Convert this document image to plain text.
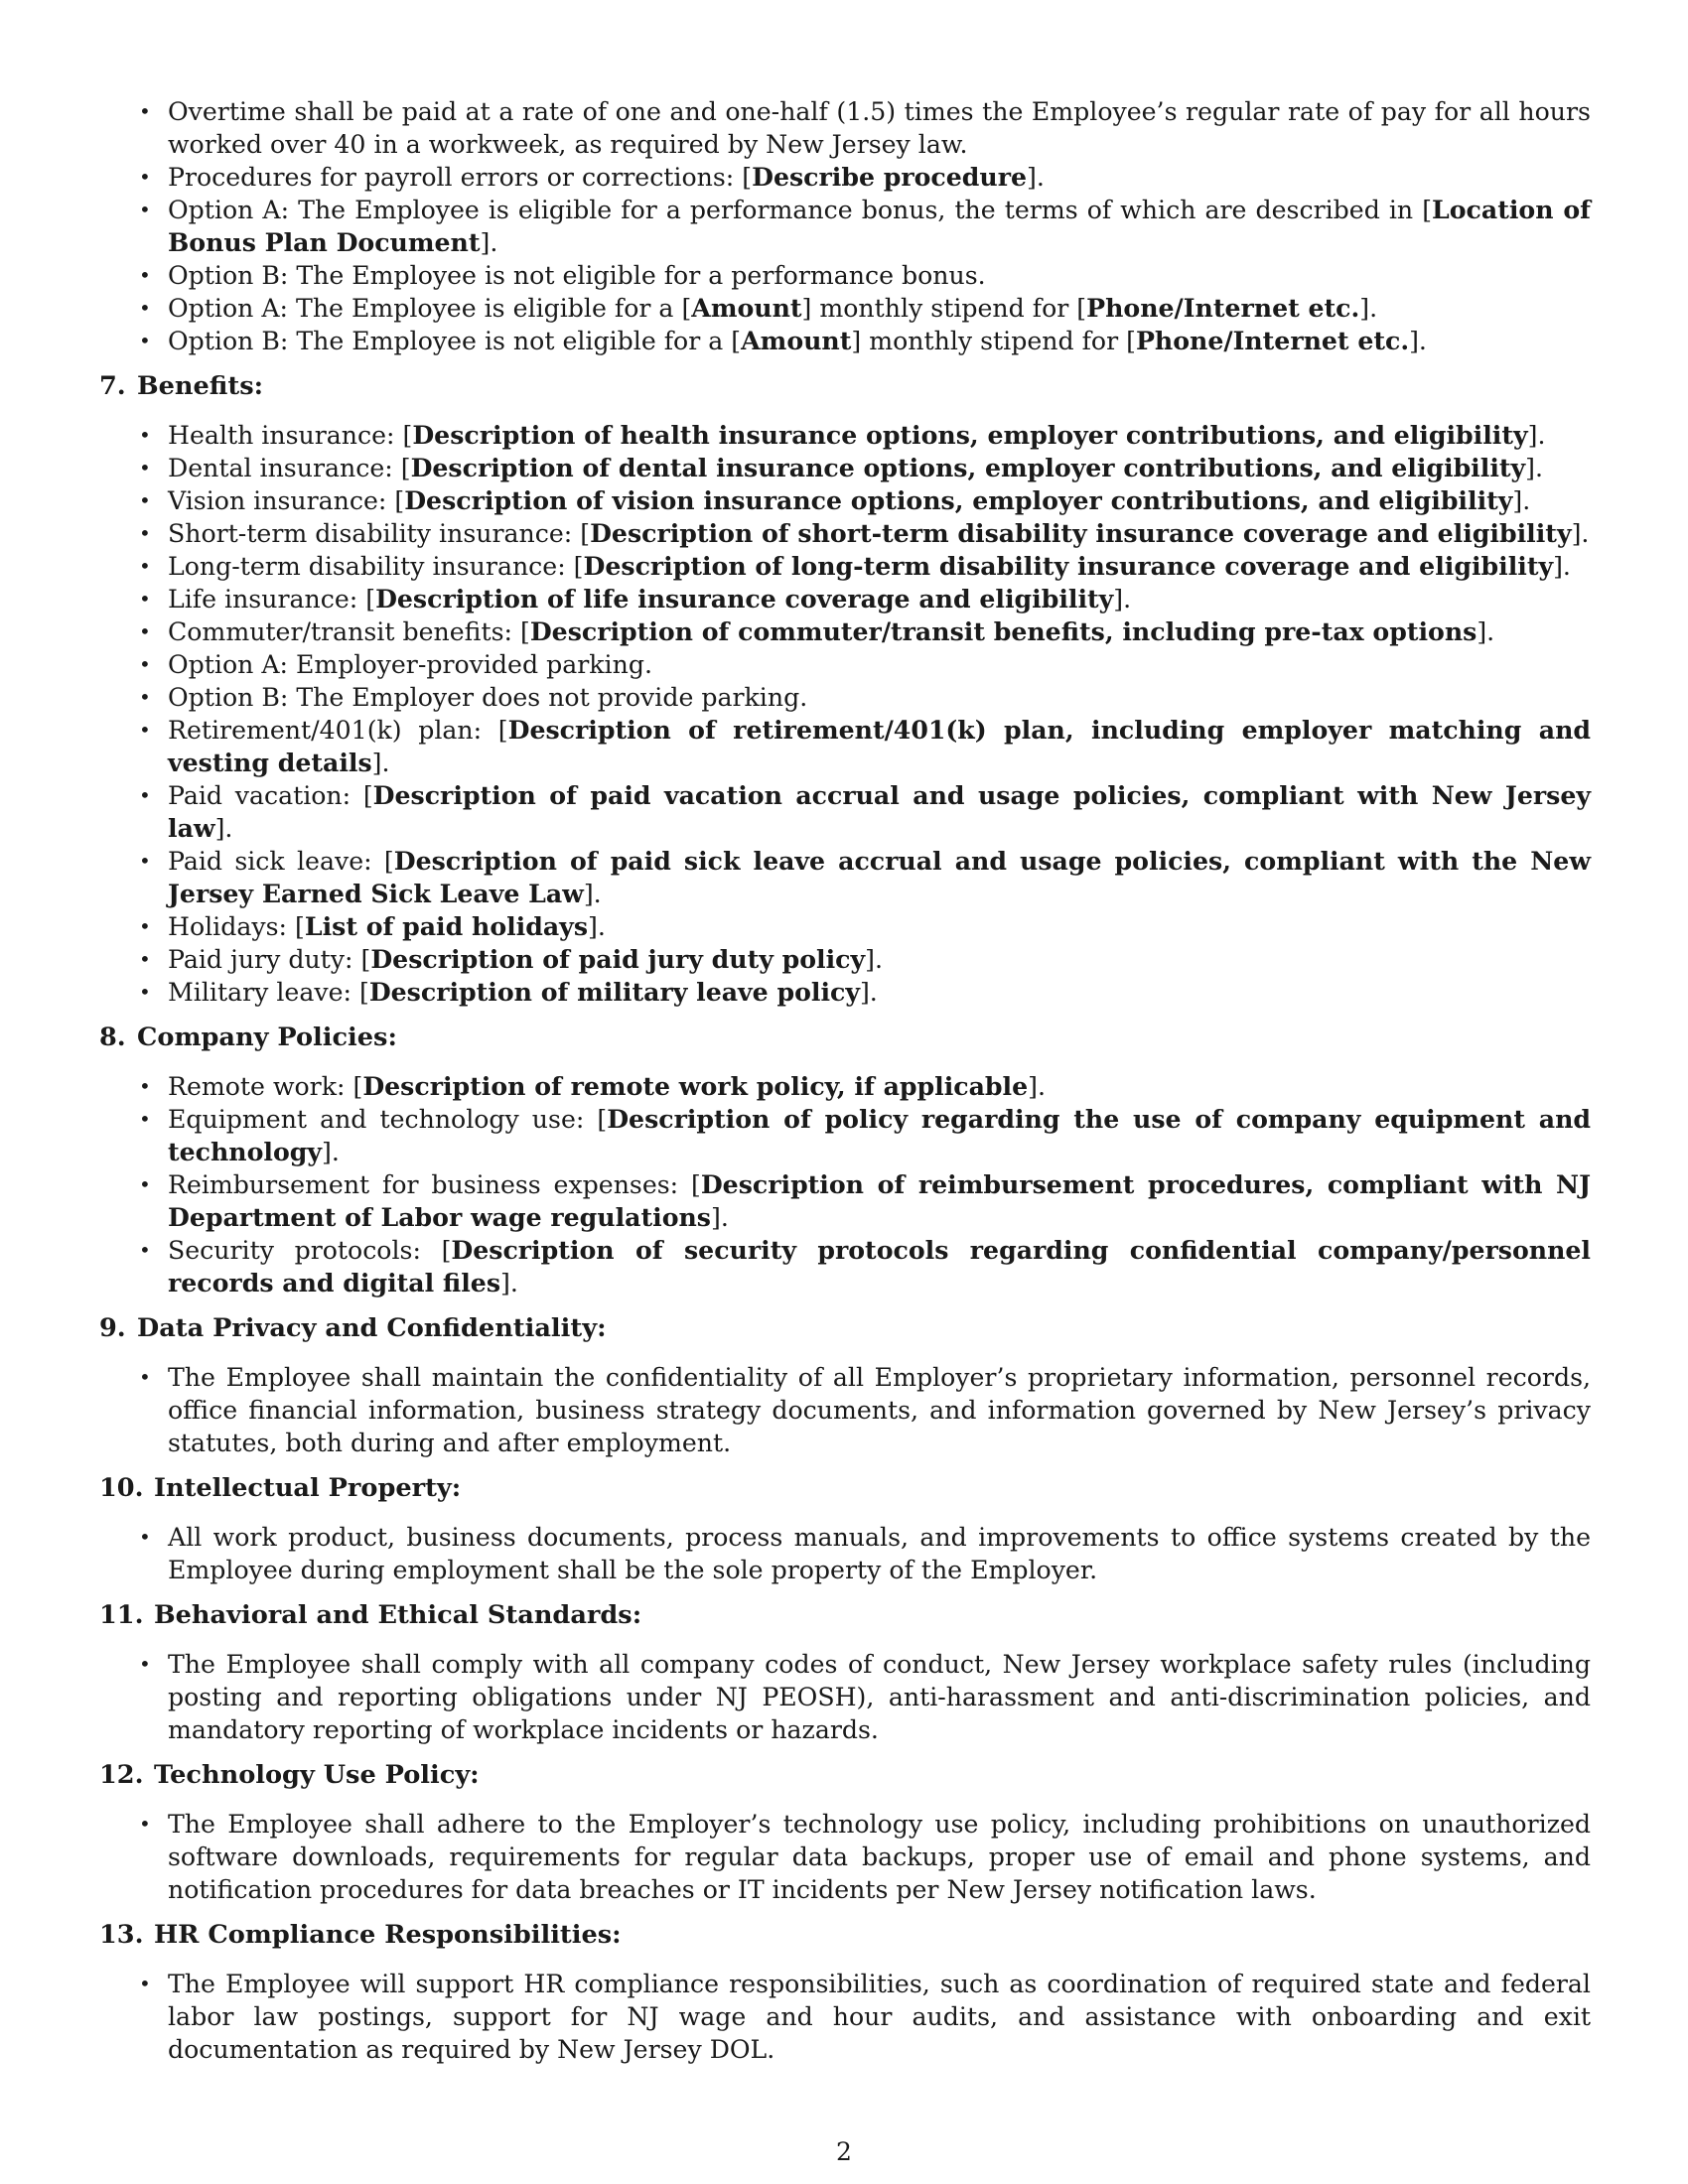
• Overtime shall be paid at a rate of one and one-half (1.5) times the Employee’s regular rate of pay for all hours worked over 40 in a workweek, as required by New Jersey law.
• Procedures for payroll errors or corrections: [Describe procedure].
• Option A: The Employee is eligible for a performance bonus, the terms of which are described in [Location of Bonus Plan Document].
• Option B: The Employee is not eligible for a performance bonus.
• Option A: The Employee is eligible for a [Amount] monthly stipend for [Phone/Internet etc.].
• Option B: The Employee is not eligible for a [Amount] monthly stipend for [Phone/Internet etc.].
7. Benefits:
• Health insurance: [Description of health insurance options, employer contributions, and eligibility].
• Dental insurance: [Description of dental insurance options, employer contributions, and eligibility].
• Vision insurance: [Description of vision insurance options, employer contributions, and eligibility].
• Short-term disability insurance: [Description of short-term disability insurance coverage and eligibility].
• Long-term disability insurance: [Description of long-term disability insurance coverage and eligibility].
• Life insurance: [Description of life insurance coverage and eligibility].
• Commuter/transit benefits: [Description of commuter/transit benefits, including pre-tax options].
• Option A: Employer-provided parking.
• Option B: The Employer does not provide parking.
• Retirement/401(k) plan: [Description of retirement/401(k) plan, including employer matching and vesting details].
• Paid vacation: [Description of paid vacation accrual and usage policies, compliant with New Jersey law].
• Paid sick leave: [Description of paid sick leave accrual and usage policies, compliant with the New Jersey Earned Sick Leave Law].
• Holidays: [List of paid holidays].
• Paid jury duty: [Description of paid jury duty policy].
• Military leave: [Description of military leave policy].
8. Company Policies:
• Remote work: [Description of remote work policy, if applicable].
• Equipment and technology use: [Description of policy regarding the use of company equipment and technology].
• Reimbursement for business expenses: [Description of reimbursement procedures, compliant with NJ Department of Labor wage regulations].
• Security protocols: [Description of security protocols regarding confidential company/personnel records and digital files].
9. Data Privacy and Confidentiality:
• The Employee shall maintain the confidentiality of all Employer’s proprietary information, personnel records, office financial information, business strategy documents, and information governed by New Jersey’s privacy statutes, both during and after employment.
10. Intellectual Property:
• All work product, business documents, process manuals, and improvements to office systems created by the Employee during employment shall be the sole property of the Employer.
11. Behavioral and Ethical Standards:
• The Employee shall comply with all company codes of conduct, New Jersey workplace safety rules (including posting and reporting obligations under NJ PEOSH), anti-harassment and anti-discrimination policies, and mandatory reporting of workplace incidents or hazards.
12. Technology Use Policy:
• The Employee shall adhere to the Employer’s technology use policy, including prohibitions on unauthorized software downloads, requirements for regular data backups, proper use of email and phone systems, and notification procedures for data breaches or IT incidents per New Jersey notification laws.
13. HR Compliance Responsibilities:
• The Employee will support HR compliance responsibilities, such as coordination of required state and federal labor law postings, support for NJ wage and hour audits, and assistance with onboarding and exit documentation as required by New Jersey DOL.
2
